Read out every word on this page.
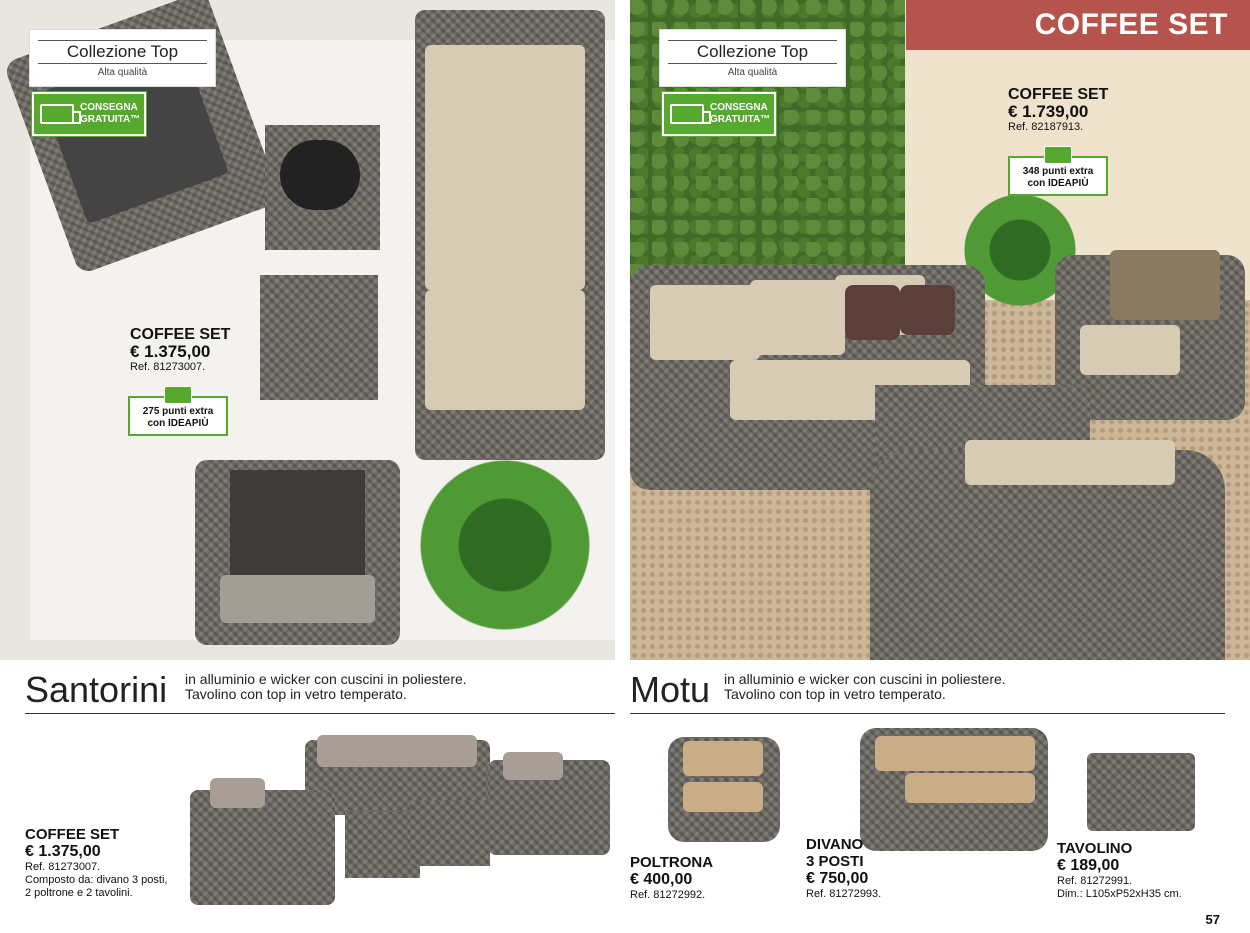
Collezione Top
Alta qualità
CONSEGNA
GRATUITA™
COFFEE SET
€ 1.375,00
Ref. 81273007.
275 punti extra
con IDEAPIÙ
COFFEE SET
Collezione Top
Alta qualità
CONSEGNA
GRATUITA™
COFFEE SET
€ 1.739,00
Ref. 82187913.
348 punti extra
con IDEAPIÙ
Santorini in alluminio e wicker con cuscini in poliestere.
Tavolino con top in vetro temperato.	Motu in alluminio e wicker con cuscini in poliestere.
Tavolino con top in vetro temperato.
COFFEE SET
€ 1.375,00
Ref. 81273007.
Composto da: divano 3 posti,
2 poltrone e 2 tavolini.
POLTRONA
€ 400,00
Ref. 81272992.
DIVANO
3 POSTI
€ 750,00
Ref. 81272993.
TAVOLINO
€ 189,00
Ref. 81272991.
Dim.: L105xP52xH35 cm.
57
